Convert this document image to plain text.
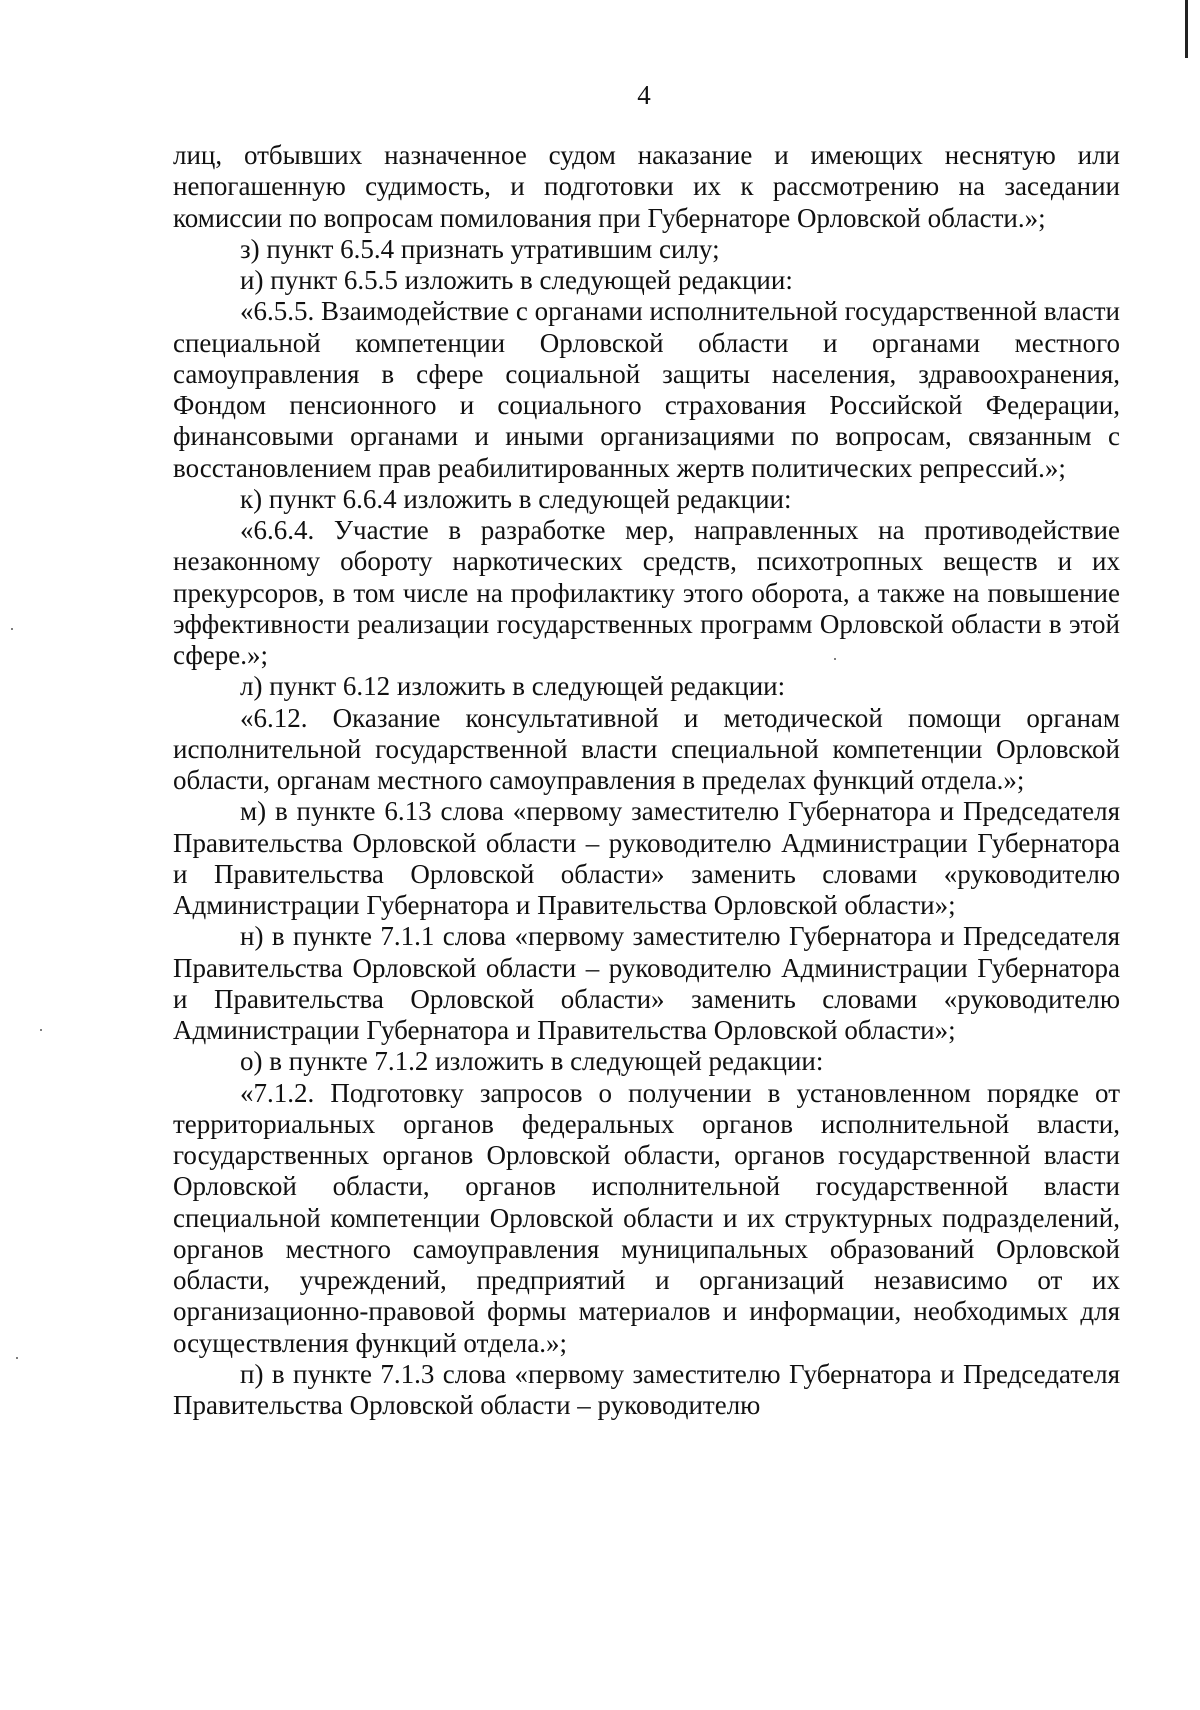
4

лиц, отбывших назначенное судом наказание и имеющих неснятую или непогашенную судимость, и подготовки их к рассмотрению на заседании комиссии по вопросам помилования при Губернаторе Орловской области.»;

з) пункт 6.5.4 признать утратившим силу;

и) пункт 6.5.5 изложить в следующей редакции:

«6.5.5. Взаимодействие с органами исполнительной государственной власти специальной компетенции Орловской области и органами местного самоуправления в сфере социальной защиты населения, здравоохранения, Фондом пенсионного и социального страхования Российской Федерации, финансовыми органами и иными организациями по вопросам, связанным с восстановлением прав реабилитированных жертв политических репрессий.»;

к) пункт 6.6.4 изложить в следующей редакции:

«6.6.4. Участие в разработке мер, направленных на противодействие незаконному обороту наркотических средств, психотропных веществ и их прекурсоров, в том числе на профилактику этого оборота, а также на повышение эффективности реализации государственных программ Орловской области в этой сфере.»;

л) пункт 6.12 изложить в следующей редакции:

«6.12. Оказание консультативной и методической помощи органам исполнительной государственной власти специальной компетенции Орловской области, органам местного самоуправления в пределах функций отдела.»;

м) в пункте 6.13 слова «первому заместителю Губернатора и Председателя Правительства Орловской области – руководителю Администрации Губернатора и Правительства Орловской области» заменить словами «руководителю Администрации Губернатора и Правительства Орловской области»;

н) в пункте 7.1.1 слова «первому заместителю Губернатора и Председателя Правительства Орловской области – руководителю Администрации Губернатора и Правительства Орловской области» заменить словами «руководителю Администрации Губернатора и Правительства Орловской области»;

о) в пункте 7.1.2 изложить в следующей редакции:

«7.1.2. Подготовку запросов о получении в установленном порядке от территориальных органов федеральных органов исполнительной власти, государственных органов Орловской области, органов государственной власти Орловской области, органов исполнительной государственной власти специальной компетенции Орловской области и их структурных подразделений, органов местного самоуправления муниципальных образований Орловской области, учреждений, предприятий и организаций независимо от их организационно-правовой формы материалов и информации, необходимых для осуществления функций отдела.»;

п) в пункте 7.1.3 слова «первому заместителю Губернатора и Председателя Правительства Орловской области – руководителю
